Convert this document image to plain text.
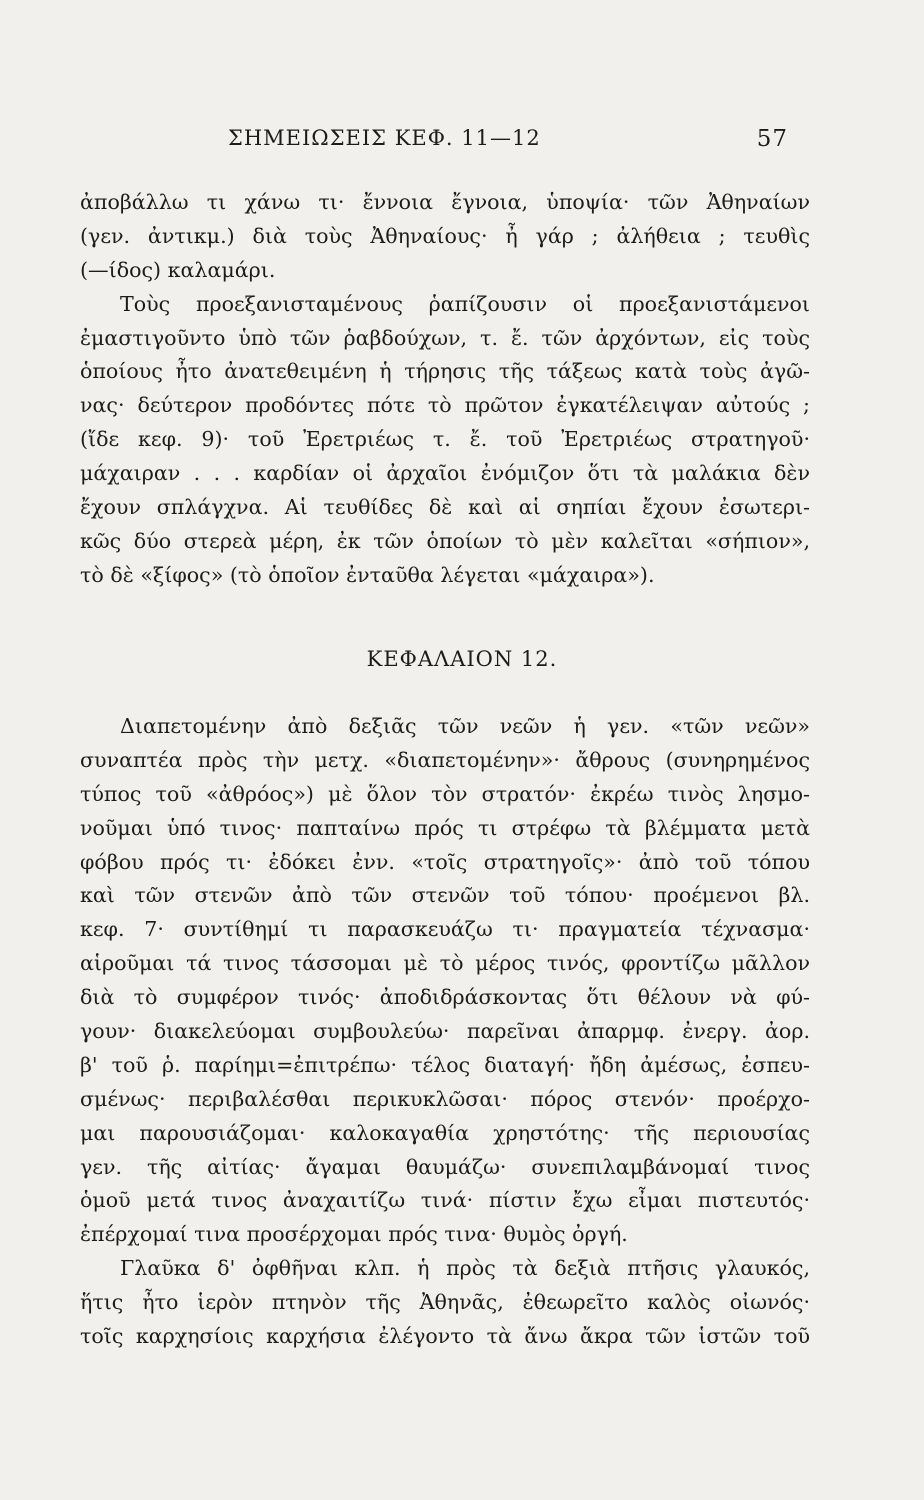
ΣΗΜΕΙΩΣΕΙΣ ΚΕΦ. 11—12	57
ἀποβάλλω τι χάνω τι· ἔννοια ἔγνοια, ὑποψία· τῶν Ἀθηναίων
(γεν. ἀντικμ.) διὰ τοὺς Ἀθηναίους· ἦ γάρ ; ἀλήθεια ; τευθὶς
(—ίδος) καλαμάρι.
Τοὺς προεξανισταμένους ῥαπίζουσιν οἱ προεξανιστάμενοι
ἐμαστιγοῦντο ὑπὸ τῶν ῥαβδούχων, τ. ἔ. τῶν ἀρχόντων, εἰς τοὺς
ὁποίους ἦτο ἀνατεθειμένη ἡ τήρησις τῆς τάξεως κατὰ τοὺς ἀγῶ-
νας· δεύτερον προδόντες πότε τὸ πρῶτον ἐγκατέλειψαν αὐτούς ;
(ἴδε κεφ. 9)· τοῦ Ἐρετριέως τ. ἔ. τοῦ Ἐρετριέως στρατηγοῦ·
μάχαιραν . . . καρδίαν οἱ ἀρχαῖοι ἐνόμιζον ὅτι τὰ μαλάκια δὲν
ἔχουν σπλάγχνα. Αἱ τευθίδες δὲ καὶ αἱ σηπίαι ἔχουν ἐσωτερι-
κῶς δύο στερεὰ μέρη, ἐκ τῶν ὁποίων τὸ μὲν καλεῖται «σήπιον»,
τὸ δὲ «ξίφος» (τὸ ὁποῖον ἐνταῦθα λέγεται «μάχαιρα»).
ΚΕΦΑΛΑΙΟΝ 12.
Διαπετομένην ἀπὸ δεξιᾶς τῶν νεῶν ἡ γεν. «τῶν νεῶν»
συναπτέα πρὸς τὴν μετχ. «διαπετομένην»· ἄθρους (συνηρημένος
τύπος τοῦ «ἀθρόος») μὲ ὅλον τὸν στρατόν· ἐκρέω τινὸς λησμο-
νοῦμαι ὑπό τινος· παπταίνω πρός τι στρέφω τὰ βλέμματα μετὰ
φόβου πρός τι· ἐδόκει ἐνν. «τοῖς στρατηγοῖς»· ἀπὸ τοῦ τόπου
καὶ τῶν στενῶν ἀπὸ τῶν στενῶν τοῦ τόπου· προέμενοι βλ.
κεφ. 7· συντίθημί τι παρασκευάζω τι· πραγματεία τέχνασμα·
αἱροῦμαι τά τινος τάσσομαι μὲ τὸ μέρος τινός, φροντίζω μᾶλλον
διὰ τὸ συμφέρον τινός· ἀποδιδράσκοντας ὅτι θέλουν νὰ φύ-
γουν· διακελεύομαι συμβουλεύω· παρεῖναι ἀπαρμφ. ἐνεργ. ἀορ.
β' τοῦ ῥ. παρίημι=ἐπιτρέπω· τέλος διαταγή· ἤδη ἀμέσως, ἐσπευ-
σμένως· περιβαλέσθαι περικυκλῶσαι· πόρος στενόν· προέρχο-
μαι παρουσιάζομαι· καλοκαγαθία χρηστότης· τῆς περιουσίας
γεν. τῆς αἰτίας· ἄγαμαι θαυμάζω· συνεπιλαμβάνομαί τινος
ὁμοῦ μετά τινος ἀναχαιτίζω τινά· πίστιν ἔχω εἶμαι πιστευτός·
ἐπέρχομαί τινα προσέρχομαι πρός τινα· θυμὸς ὀργή.
Γλαῦκα δ' ὀφθῆναι κλπ. ἡ πρὸς τὰ δεξιὰ πτῆσις γλαυκός,
ἥτις ἦτο ἱερὸν πτηνὸν τῆς Ἀθηνᾶς, ἐθεωρεῖτο καλὸς οἰωνός·
τοῖς καρχησίοις καρχήσια ἐλέγοντο τὰ ἄνω ἄκρα τῶν ἱστῶν τοῦ
